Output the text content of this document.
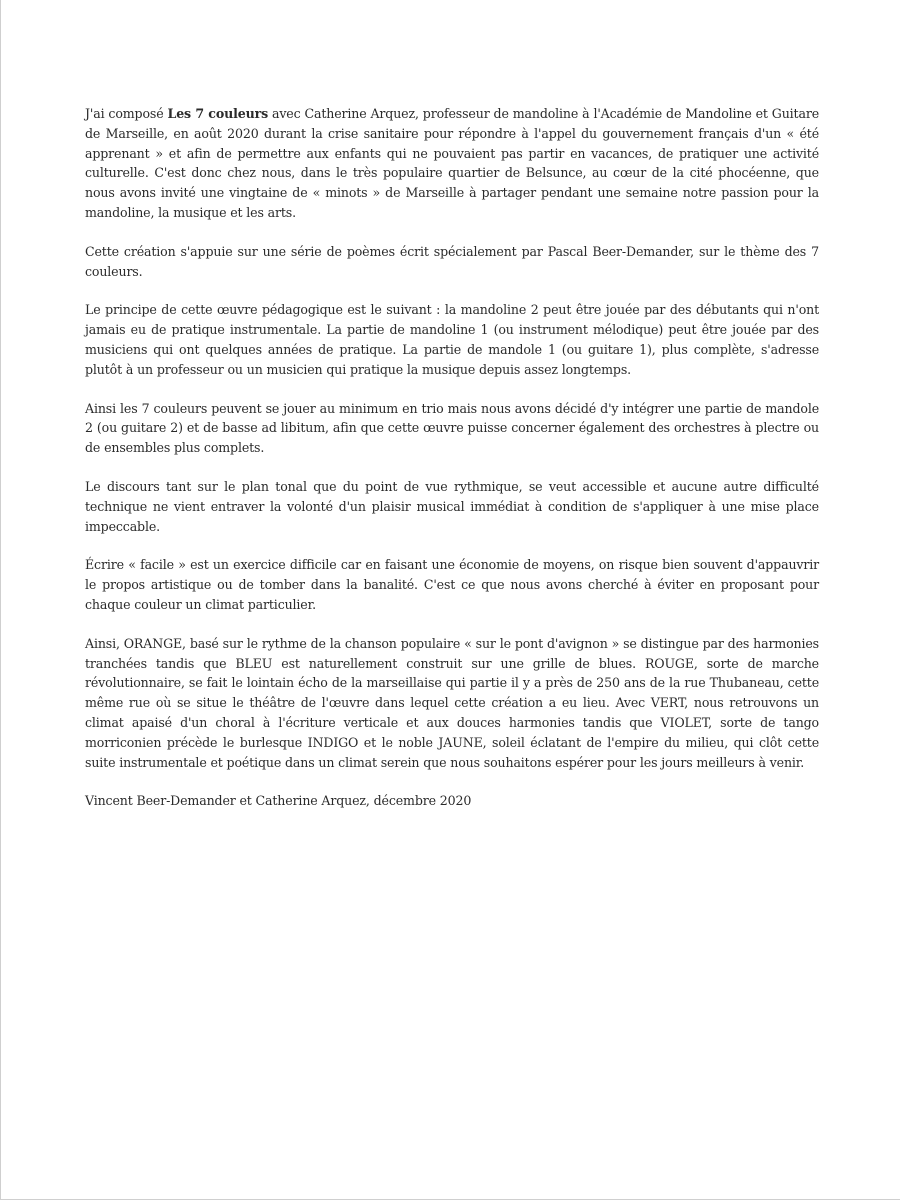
J'ai composé Les 7 couleurs avec Catherine Arquez, professeur de mandoline à l'Académie de Mandoline et Guitare de Marseille, en août 2020 durant la crise sanitaire pour répondre à l'appel du gouvernement français d'un « été apprenant » et afin de permettre aux enfants qui ne pouvaient pas partir en vacances, de pratiquer une activité culturelle. C'est donc chez nous, dans le très populaire quartier de Belsunce, au cœur de la cité phocéenne, que nous avons invité une vingtaine de « minots » de Marseille à partager pendant une semaine notre passion pour la mandoline, la musique et les arts.

Cette création s'appuie sur une série de poèmes écrit spécialement par Pascal Beer-Demander, sur le thème des 7 couleurs.

Le principe de cette œuvre pédagogique est le suivant : la mandoline 2 peut être jouée par des débutants qui n'ont jamais eu de pratique instrumentale. La partie de mandoline 1 (ou instrument mélodique) peut être jouée par des musiciens qui ont quelques années de pratique. La partie de mandole 1 (ou guitare 1), plus complète, s'adresse plutôt à un professeur ou un musicien qui pratique la musique depuis assez longtemps.

Ainsi les 7 couleurs peuvent se jouer au minimum en trio mais nous avons décidé d'y intégrer une partie de mandole 2 (ou guitare 2) et de basse ad libitum, afin que cette œuvre puisse concerner également des orchestres à plectre ou de ensembles plus complets.

Le discours tant sur le plan tonal que du point de vue rythmique, se veut accessible et aucune autre difficulté technique ne vient entraver la volonté d'un plaisir musical immédiat à condition de s'appliquer à une mise place impeccable.

Écrire « facile » est un exercice difficile car en faisant une économie de moyens, on risque bien souvent d'appauvrir le propos artistique ou de tomber dans la banalité. C'est ce que nous avons cherché à éviter en proposant pour chaque couleur un climat particulier.

Ainsi, ORANGE, basé sur le rythme de la chanson populaire « sur le pont d'avignon » se distingue par des harmonies tranchées tandis que BLEU est naturellement construit sur une grille de blues. ROUGE, sorte de marche révolutionnaire, se fait le lointain écho de la marseillaise qui partie il y a près de 250 ans de la rue Thubaneau, cette même rue où se situe le théâtre de l'œuvre dans lequel cette création a eu lieu. Avec VERT, nous retrouvons un climat apaisé d'un choral à l'écriture verticale et aux douces harmonies tandis que VIOLET, sorte de tango morriconien précède le burlesque INDIGO et le noble JAUNE, soleil éclatant de l'empire du milieu, qui clôt cette suite instrumentale et poétique dans un climat serein que nous souhaitons espérer pour les jours meilleurs à venir.

Vincent Beer-Demander et Catherine Arquez, décembre 2020
